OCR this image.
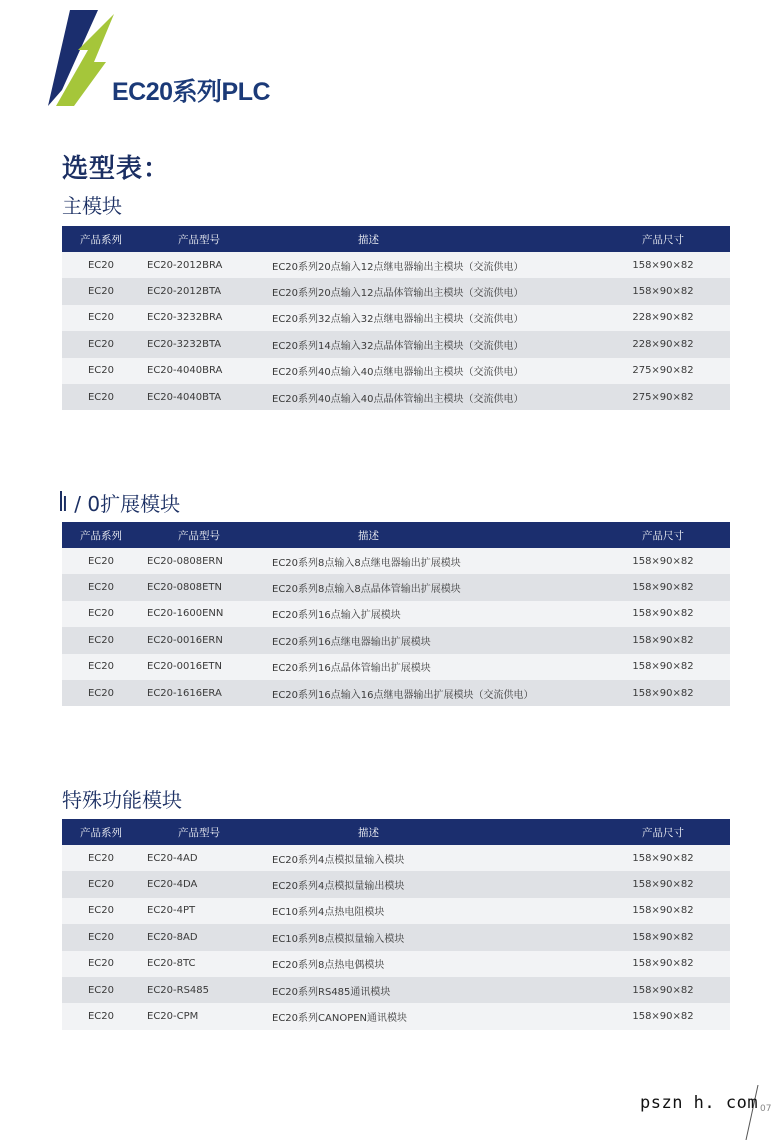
EC20系列PLC
选型表：
主模块
产品系列	产品型号	描述	产品尺寸
EC20	EC20-2012BRA	EC20系列20点输入12点继电器输出主模块（交流供电）	158×90×82
EC20	EC20-2012BTA	EC20系列20点输入12点晶体管输出主模块（交流供电）	158×90×82
EC20	EC20-3232BRA	EC20系列32点输入32点继电器输出主模块（交流供电）	228×90×82
EC20	EC20-3232BTA	EC20系列14点输入32点晶体管输出主模块（交流供电）	228×90×82
EC20	EC20-4040BRA	EC20系列40点输入40点继电器输出主模块（交流供电）	275×90×82
EC20	EC20-4040BTA	EC20系列40点输入40点晶体管输出主模块（交流供电）	275×90×82
I / 0扩展模块
产品系列	产品型号	描述	产品尺寸
EC20	EC20-0808ERN	EC20系列8点输入8点继电器输出扩展模块	158×90×82
EC20	EC20-0808ETN	EC20系列8点输入8点晶体管输出扩展模块	158×90×82
EC20	EC20-1600ENN	EC20系列16点输入扩展模块	158×90×82
EC20	EC20-0016ERN	EC20系列16点继电器输出扩展模块	158×90×82
EC20	EC20-0016ETN	EC20系列16点晶体管输出扩展模块	158×90×82
EC20	EC20-1616ERA	EC20系列16点输入16点继电器输出扩展模块（交流供电）	158×90×82
特殊功能模块
产品系列	产品型号	描述	产品尺寸
EC20	EC20-4AD	EC20系列4点模拟量输入模块	158×90×82
EC20	EC20-4DA	EC20系列4点模拟量输出模块	158×90×82
EC20	EC20-4PT	EC10系列4点热电阻模块	158×90×82
EC20	EC20-8AD	EC10系列8点模拟量输入模块	158×90×82
EC20	EC20-8TC	EC20系列8点热电偶模块	158×90×82
EC20	EC20-RS485	EC20系列RS485通讯模块	158×90×82
EC20	EC20-CPM	EC20系列CANOPEN通讯模块	158×90×82
pszn h. com 07
